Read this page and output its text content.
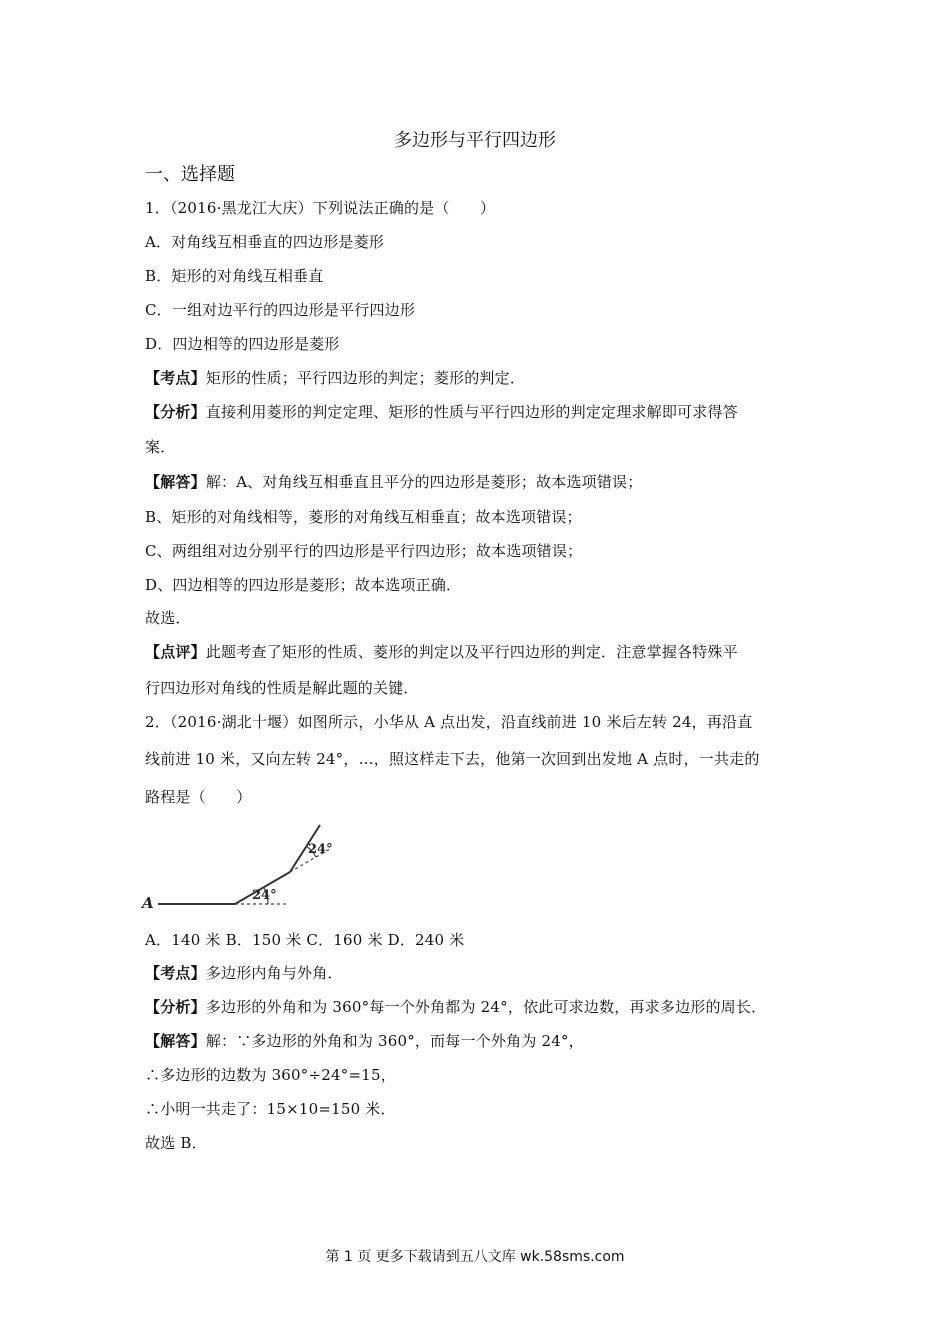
多边形与平行四边形
一、选择题
1．（2016·黑龙江大庆）下列说法正确的是（　　）
A．对角线互相垂直的四边形是菱形
B．矩形的对角线互相垂直
C．一组对边平行的四边形是平行四边形
D．四边相等的四边形是菱形
【考点】矩形的性质；平行四边形的判定；菱形的判定．
【分析】直接利用菱形的判定定理、矩形的性质与平行四边形的判定定理求解即可求得答
案．
【解答】解：A、对角线互相垂直且平分的四边形是菱形；故本选项错误；
B、矩形的对角线相等，菱形的对角线互相垂直；故本选项错误；
C、两组组对边分别平行的四边形是平行四边形；故本选项错误；
D、四边相等的四边形是菱形；故本选项正确．
故选．
【点评】此题考查了矩形的性质、菱形的判定以及平行四边形的判定．注意掌握各特殊平
行四边形对角线的性质是解此题的关键．
2．（2016·湖北十堰）如图所示，小华从 A 点出发，沿直线前进 10 米后左转 24，再沿直
线前进 10 米，又向左转 24°，…，照这样走下去，他第一次回到出发地 A 点时，一共走的
路程是（　　）
A	24°
24°
A．140 米 B．150 米 C．160 米 D．240 米
【考点】多边形内角与外角．
【分析】多边形的外角和为 360°每一个外角都为 24°，依此可求边数，再求多边形的周长．
【解答】解：∵多边形的外角和为 360°，而每一个外角为 24°，
∴多边形的边数为 360°÷24°=15，
∴小明一共走了：15×10=150 米．
故选 B．
第 1 页 更多下载请到五八文库 wk.58sms.com
